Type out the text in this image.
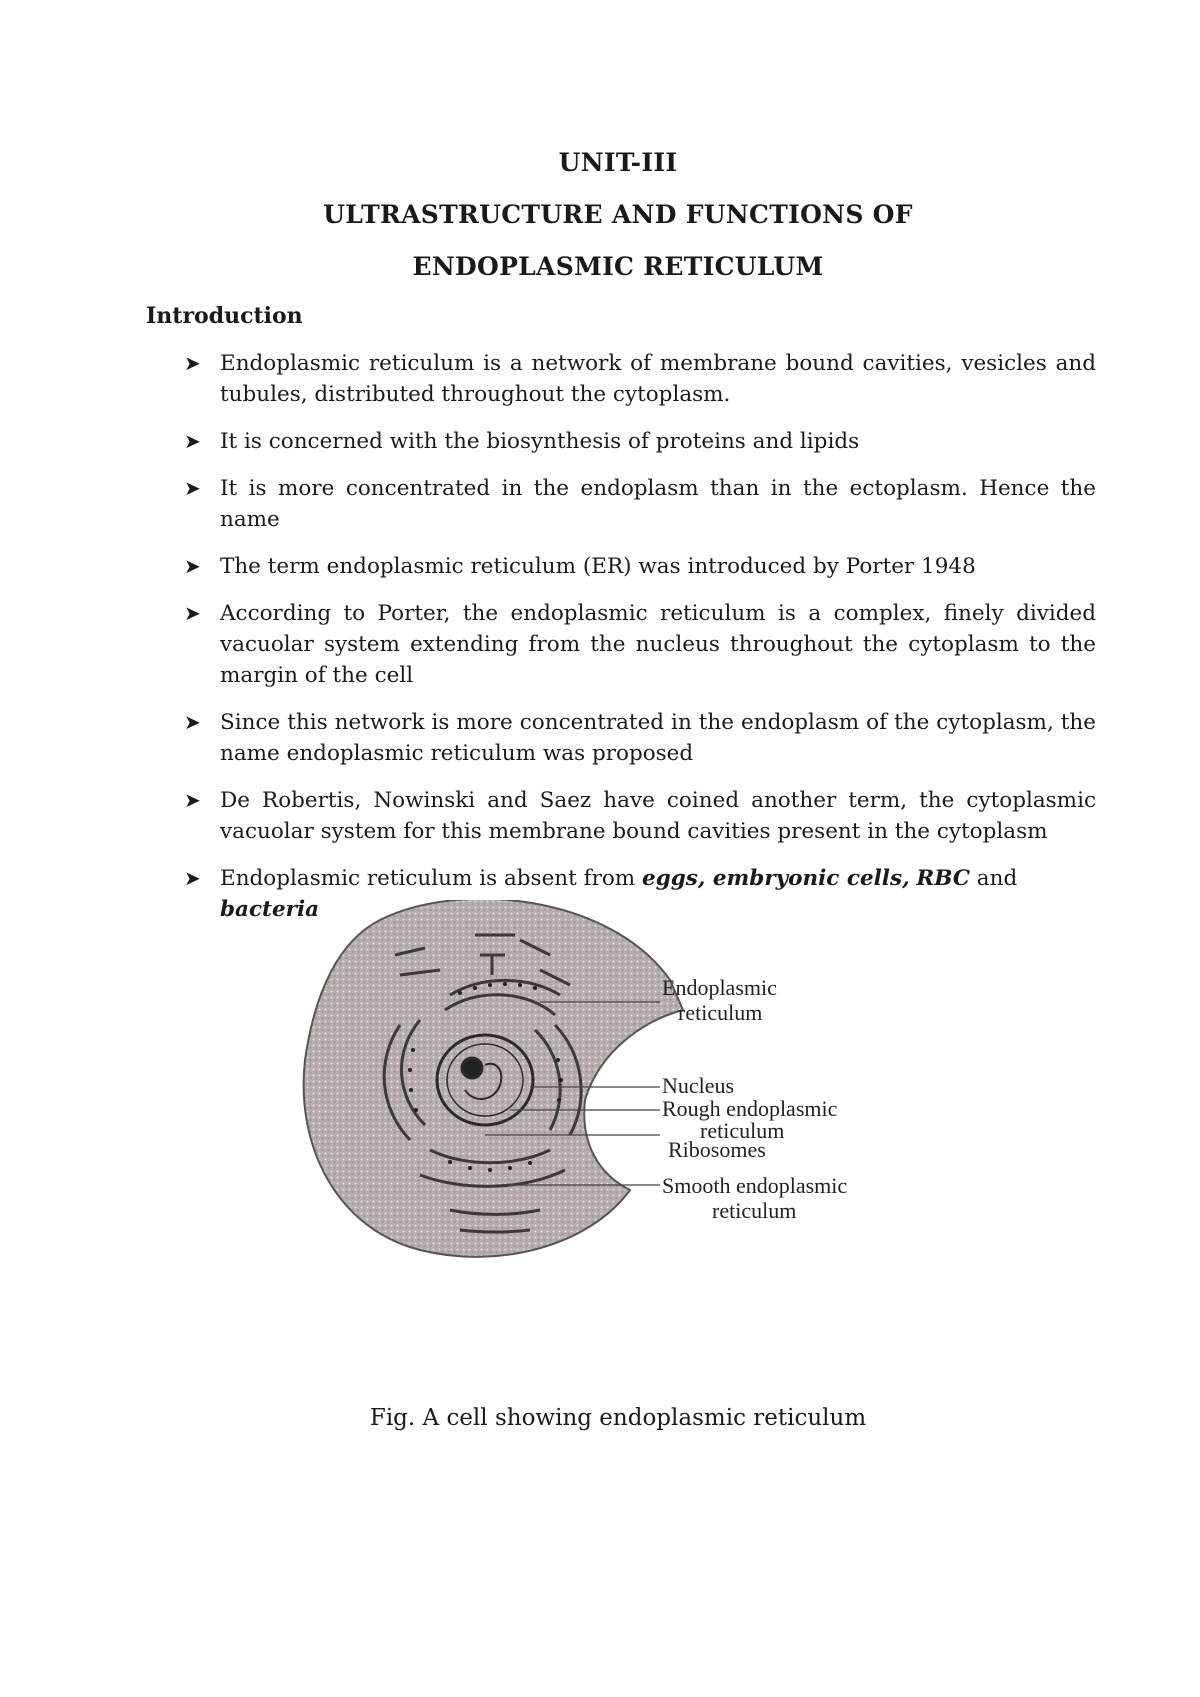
UNIT-III
ULTRASTRUCTURE AND FUNCTIONS OF
ENDOPLASMIC RETICULUM
Introduction
➤ Endoplasmic reticulum is a network of membrane bound cavities, vesicles and tubules, distributed throughout the cytoplasm.
➤ It is concerned with the biosynthesis of proteins and lipids
➤ It is more concentrated in the endoplasm than in the ectoplasm. Hence the name
➤ The term endoplasmic reticulum (ER) was introduced by Porter 1948
➤ According to Porter, the endoplasmic reticulum is a complex, finely divided vacuolar system extending from the nucleus throughout the cytoplasm to the margin of the cell
➤ Since this network is more concentrated in the endoplasm of the cytoplasm, the name endoplasmic reticulum was proposed
➤ De Robertis, Nowinski and Saez have coined another term, the cytoplasmic vacuolar system for this membrane bound cavities present in the cytoplasm
➤ Endoplasmic reticulum is absent from eggs, embryonic cells, RBC and
bacteria
Endoplasmic
reticulum
Nucleus
Rough endoplasmic
reticulum
Ribosomes
Smooth endoplasmic
reticulum
Fig. A cell showing endoplasmic reticulum
